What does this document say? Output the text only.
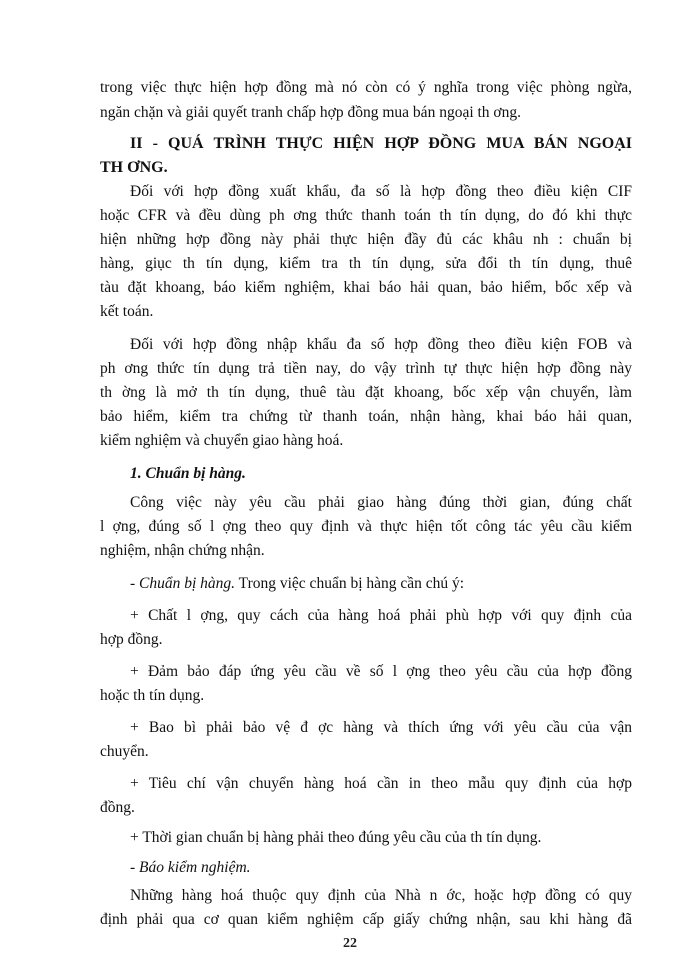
trong việc thực hiện hợp đồng mà nó còn có ý nghĩa trong việc phòng ngừa,
ngăn chặn và giải quyết tranh chấp hợp đồng mua bán ngoại th ơng.
II - QUÁ TRÌNH THỰC HIỆN HỢP ĐỒNG MUA BÁN NGOẠI
TH ƠNG.
Đối với hợp đồng xuất khẩu, đa số là hợp đồng theo điều kiện CIF
hoặc CFR và đều dùng ph ơng thức thanh toán th tín dụng, do đó khi thực
hiện những hợp đồng này phải thực hiện đầy đủ các khâu nh : chuẩn bị
hàng, giục th tín dụng, kiểm tra th tín dụng, sửa đổi th tín dụng, thuê
tàu đặt khoang, báo kiểm nghiệm, khai báo hải quan, bảo hiểm, bốc xếp và
kết toán.
Đối với hợp đồng nhập khẩu đa số hợp đồng theo điều kiện FOB và
ph ơng thức tín dụng trả tiền nay, do vậy trình tự thực hiện hợp đồng này
th ờng là mở th tín dụng, thuê tàu đặt khoang, bốc xếp vận chuyển, làm
bảo hiểm, kiểm tra chứng từ thanh toán, nhận hàng, khai báo hải quan,
kiểm nghiệm và chuyển giao hàng hoá.
1. Chuẩn bị hàng.
Công việc này yêu cầu phải giao hàng đúng thời gian, đúng chất
l ợng, đúng số l ợng theo quy định và thực hiện tốt công tác yêu cầu kiểm
nghiệm, nhận chứng nhận.
- Chuẩn bị hàng. Trong việc chuẩn bị hàng cần chú ý:
+ Chất l ợng, quy cách của hàng hoá phải phù hợp với quy định của
hợp đồng.
+ Đảm bảo đáp ứng yêu cầu về số l ợng theo yêu cầu của hợp đồng
hoặc th tín dụng.
+ Bao bì phải bảo vệ đ ợc hàng và thích ứng với yêu cầu của vận
chuyển.
+ Tiêu chí vận chuyển hàng hoá cần in theo mẫu quy định của hợp
đồng.
+ Thời gian chuẩn bị hàng phải theo đúng yêu cầu của th tín dụng.
- Báo kiểm nghiệm.
Những hàng hoá thuộc quy định của Nhà n ớc, hoặc hợp đồng có quy
định phải qua cơ quan kiểm nghiệm cấp giấy chứng nhận, sau khi hàng đã
22
